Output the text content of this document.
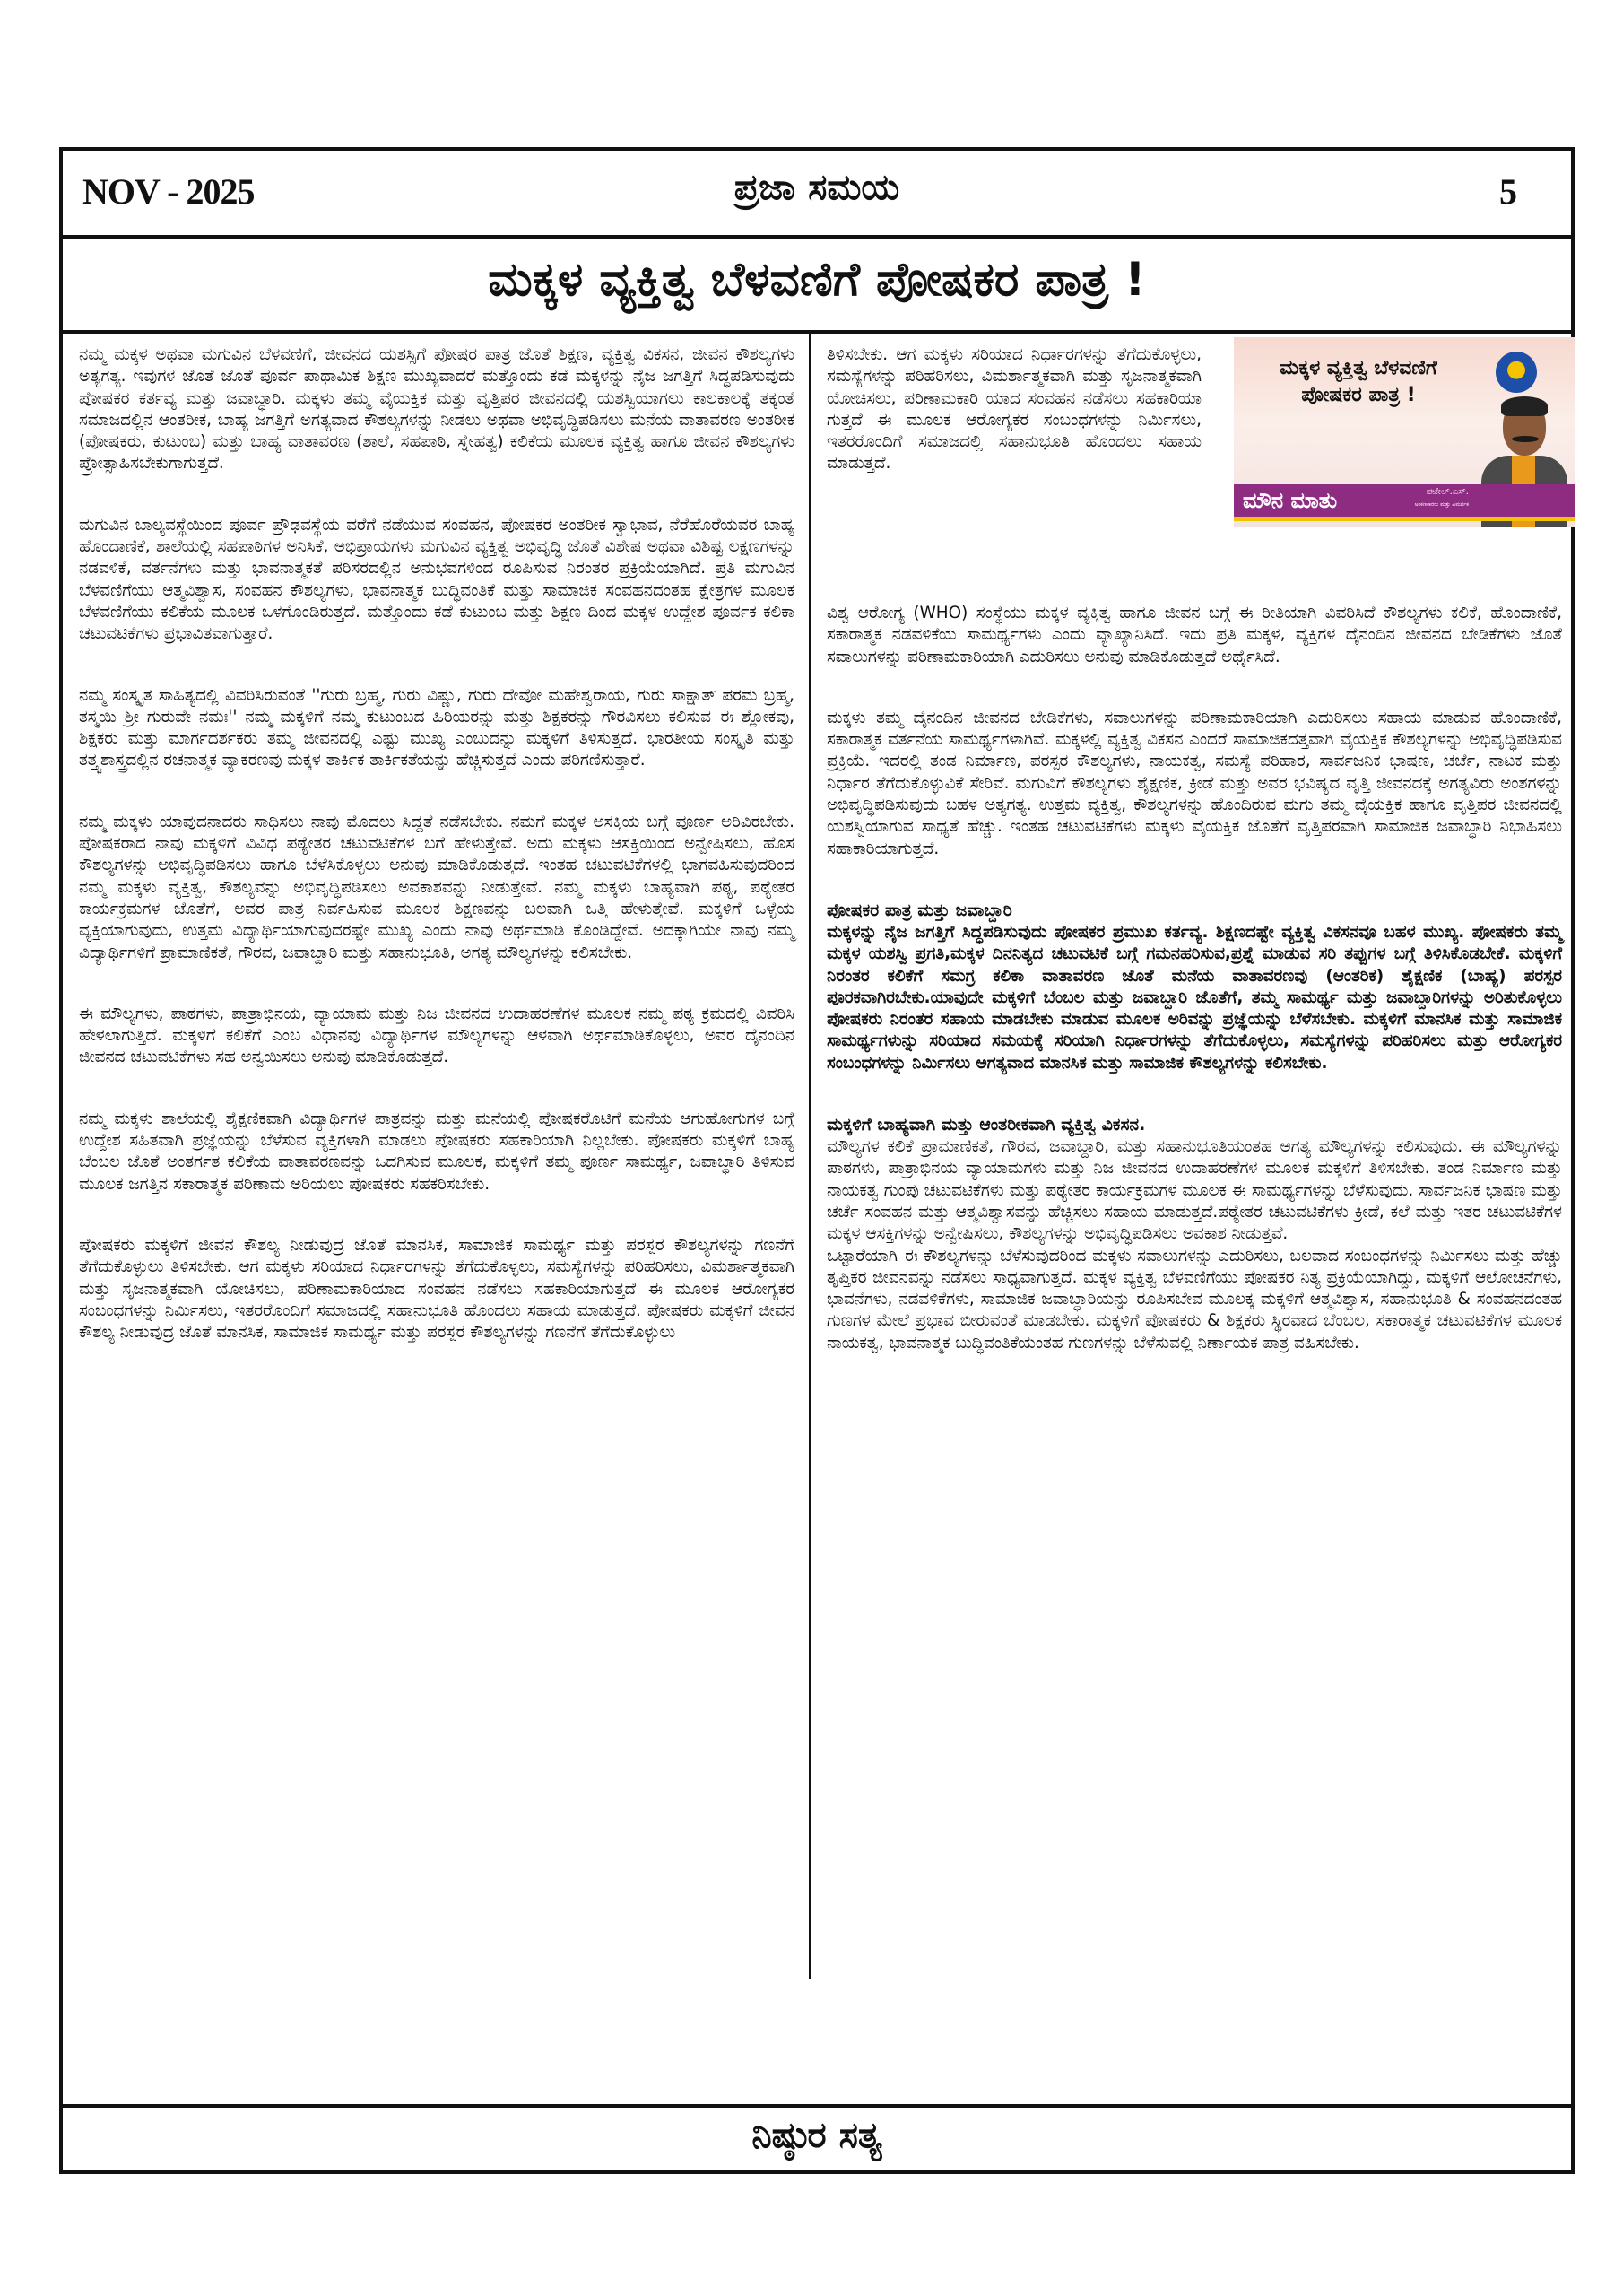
NOV - 2025	ಪ್ರಜಾ ಸಮಯ	5
ಮಕ್ಕಳ ವ್ಯಕ್ತಿತ್ವ ಬೆಳವಣಿಗೆ ಪೋಷಕರ ಪಾತ್ರ !

ನಮ್ಮ ಮಕ್ಕಳ ಅಥವಾ ಮಗುವಿನ ಬೆಳವಣಿಗೆ, ಜೀವನದ ಯಶಸ್ಸಿಗೆ ಪೋಷರ ಪಾತ್ರ ಜೊತೆ ಶಿಕ್ಷಣ, ವ್ಯಕ್ತಿತ್ವ ವಿಕಸನ, ಜೀವನ ಕೌಶಲ್ಯಗಳು ಅತ್ಯಗತ್ಯ. ಇವುಗಳ ಜೊತೆ ಜೊತೆ ಪೂರ್ವ ಪಾಥಾಮಿಕ ಶಿಕ್ಷಣ ಮುಖ್ಯವಾದರೆ ಮತ್ತೊಂದು ಕಡೆ ಮಕ್ಕಳನ್ನು ನೈಜ ಜಗತ್ತಿಗೆ ಸಿದ್ಧಪಡಿಸುವುದು ಪೋಷಕರ ಕರ್ತವ್ಯ ಮತ್ತು ಜವಾಬ್ಧಾರಿ. ಮಕ್ಕಳು ತಮ್ಮ ವೈಯಕ್ತಿಕ ಮತ್ತು ವೃತ್ತಿಪರ ಜೀವನದಲ್ಲಿ ಯಶಸ್ವಿಯಾಗಲು ಕಾಲಕಾಲಕ್ಕೆ ತಕ್ಕಂತೆ ಸಮಾಜದಲ್ಲಿನ ಆಂತರೀಕ, ಬಾಹ್ಯ ಜಗತ್ತಿಗೆ ಅಗತ್ಯವಾದ ಕೌಶಲ್ಯಗಳನ್ನು ನೀಡಲು ಅಥವಾ ಅಭಿವೃದ್ಧಿಪಡಿಸಲು ಮನೆಯ ವಾತಾವರಣ ಅಂತರೀಕ (ಪೋಷಕರು, ಕುಟುಂಬ) ಮತ್ತು ಬಾಹ್ಯ ವಾತಾವರಣ (ಶಾಲೆ, ಸಹಪಾಠಿ, ಸ್ನೇಹತ್ವ) ಕಲಿಕೆಯ ಮೂಲಕ ವ್ಯಕ್ತಿತ್ವ ಹಾಗೂ ಜೀವನ ಕೌಶಲ್ಯಗಳು ಪ್ರೋತ್ಸಾಹಿಸಬೇಕುಗಾಗುತ್ತದೆ.

ಮಗುವಿನ ಬಾಲ್ಯವಸ್ಥೆಯಿಂದ ಪೂರ್ವ ಪ್ರೌಢವಸ್ಥೆಯ ವರೆಗೆ ನಡೆಯುವ ಸಂವಹನ, ಪೋಷಕರ ಅಂತರೀಕ ಸ್ವಾಭಾವ, ನೆರೆಹೊರೆಯವರ ಬಾಹ್ಯ ಹೊಂದಾಣಿಕೆ, ಶಾಲೆಯಲ್ಲಿ ಸಹಪಾಠಿಗಳ ಅನಿಸಿಕೆ, ಅಭಿಪ್ರಾಯಗಳು ಮಗುವಿನ ವ್ಯಕ್ತಿತ್ವ ಅಭಿವೃದ್ಧಿ ಜೊತೆ ವಿಶೇಷ ಅಥವಾ ವಿಶಿಷ್ಟ ಲಕ್ಷಣಗಳನ್ನು ನಡವಳಿಕೆ, ವರ್ತನೆಗಳು ಮತ್ತು ಭಾವನಾತ್ಮಕತೆ ಪರಿಸರದಲ್ಲಿನ ಅನುಭವಗಳಿಂದ ರೂಪಿಸುವ ನಿರಂತರ ಪ್ರಕ್ರಿಯೆಯಾಗಿದೆ. ಪ್ರತಿ ಮಗುವಿನ ಬೆಳವಣಿಗೆಯು ಆತ್ಮವಿಶ್ವಾಸ, ಸಂವಹನ ಕೌಶಲ್ಯಗಳು, ಭಾವನಾತ್ಮಕ ಬುದ್ಧಿವಂತಿಕೆ ಮತ್ತು ಸಾಮಾಜಿಕ ಸಂವಹನದಂತಹ ಕ್ಷೇತ್ರಗಳ ಮೂಲಕ ಬೆಳವಣಿಗೆಯು ಕಲಿಕೆಯ ಮೂಲಕ ಒಳಗೊಂಡಿರುತ್ತದೆ. ಮತ್ತೊಂದು ಕಡೆ ಕುಟುಂಬ ಮತ್ತು ಶಿಕ್ಷಣ ದಿಂದ ಮಕ್ಕಳ ಉದ್ದೇಶ ಪೂರ್ವಕ ಕಲಿಕಾ ಚಟುವಟಿಕೆಗಳು ಪ್ರಭಾವಿತವಾಗುತ್ತಾರೆ.

ನಮ್ಮ ಸಂಸ್ಕೃತ ಸಾಹಿತ್ಯದಲ್ಲಿ ವಿವರಿಸಿರುವಂತೆ ''ಗುರು ಬ್ರಹ್ಮ, ಗುರು ವಿಷ್ಣು, ಗುರು ದೇವೋ ಮಹೇಶ್ವರಾಯ, ಗುರು ಸಾಕ್ಷಾತ್ ಪರಮ ಬ್ರಹ್ಮ, ತಸ್ಮಯಿ ಶ್ರೀ ಗುರುವೇ ನಮಃ'' ನಮ್ಮ ಮಕ್ಕಳಿಗೆ ನಮ್ಮ ಕುಟುಂಬದ ಹಿರಿಯರನ್ನು ಮತ್ತು ಶಿಕ್ಷಕರನ್ನು ಗೌರವಿಸಲು ಕಲಿಸುವ ಈ ಶ್ಲೋಕವು, ಶಿಕ್ಷಕರು ಮತ್ತು ಮಾರ್ಗದರ್ಶಕರು ತಮ್ಮ ಜೀವನದಲ್ಲಿ ಎಷ್ಟು ಮುಖ್ಯ ಎಂಬುದನ್ನು ಮಕ್ಕಳಿಗೆ ತಿಳಿಸುತ್ತದೆ. ಭಾರತೀಯ ಸಂಸ್ಕೃತಿ ಮತ್ತು ತತ್ತ್ವಶಾಸ್ತ್ರದಲ್ಲಿನ ರಚನಾತ್ಮಕ ವ್ಯಾಕರಣವು ಮಕ್ಕಳ ತಾರ್ಕಿಕ ತಾರ್ಕಿಕತೆಯನ್ನು ಹೆಚ್ಚಿಸುತ್ತದೆ ಎಂದು ಪರಿಗಣಿಸುತ್ತಾರೆ.

ನಮ್ಮ ಮಕ್ಕಳು ಯಾವುದನಾದರು ಸಾಧಿಸಲು ನಾವು ಮೊದಲು ಸಿದ್ದತೆ ನಡೆಸಬೇಕು. ನಮಗೆ ಮಕ್ಕಳ ಅಸಕ್ತಿಯ ಬಗ್ಗೆ ಪೂರ್ಣ ಅರಿವಿರಬೇಕು. ಪೋಷಕರಾದ ನಾವು ಮಕ್ಕಳಿಗೆ ವಿವಿಧ ಪಠ್ಯೇತರ ಚಟುವಟಿಕೆಗಳ ಬಗೆ ಹೇಳುತ್ತೇವೆ. ಅದು ಮಕ್ಕಳು ಆಸಕ್ತಿಯಿಂದ ಅನ್ವೇಷಿಸಲು, ಹೊಸ ಕೌಶಲ್ಯಗಳನ್ನು ಅಭಿವೃದ್ಧಿಪಡಿಸಲು ಹಾಗೂ ಬೆಳೆಸಿಕೊಳ್ಳಲು ಅನುವು ಮಾಡಿಕೊಡುತ್ತದೆ. ಇಂತಹ ಚಟುವಟಿಕೆಗಳಲ್ಲಿ ಭಾಗವಹಿಸುವುದರಿಂದ ನಮ್ಮ ಮಕ್ಕಳು ವ್ಯಕ್ತಿತ್ವ, ಕೌಶಲ್ಯವನ್ನು ಅಭಿವೃದ್ಧಿಪಡಿಸಲು ಅವಕಾಶವನ್ನು ನೀಡುತ್ತೇವೆ. ನಮ್ಮ ಮಕ್ಕಳು ಬಾಹ್ಯವಾಗಿ ಪಠ್ಯ, ಪಠ್ಯೇತರ ಕಾರ್ಯಕ್ರಮಗಳ ಜೊತೆಗೆ, ಅವರ ಪಾತ್ರ ನಿರ್ವಹಿಸುವ ಮೂಲಕ ಶಿಕ್ಷಣವನ್ನು ಬಲವಾಗಿ ಒತ್ತಿ ಹೇಳುತ್ತೇವೆ. ಮಕ್ಕಳಿಗೆ ಒಳ್ಳೆಯ ವ್ಯಕ್ತಿಯಾಗುವುದು, ಉತ್ತಮ ವಿದ್ಯಾರ್ಥಿಯಾಗುವುದರಷ್ಟೇ ಮುಖ್ಯ ಎಂದು ನಾವು ಅರ್ಥಮಾಡಿ ಕೊಂಡಿದ್ದೇವೆ. ಅದಕ್ಕಾಗಿಯೇ ನಾವು ನಮ್ಮ ವಿದ್ಯಾರ್ಥಿಗಳಿಗೆ ಪ್ರಾಮಾಣಿಕತೆ, ಗೌರವ, ಜವಾಬ್ದಾರಿ ಮತ್ತು ಸಹಾನುಭೂತಿ, ಅಗತ್ಯ ಮೌಲ್ಯಗಳನ್ನು ಕಲಿಸಬೇಕು.

ಈ ಮೌಲ್ಯಗಳು, ಪಾಠಗಳು, ಪಾತ್ರಾಭಿನಯ, ವ್ಯಾಯಾಮ ಮತ್ತು ನಿಜ ಜೀವನದ ಉದಾಹರಣೆಗಳ ಮೂಲಕ ನಮ್ಮ ಪಠ್ಯ ಕ್ರಮದಲ್ಲಿ ವಿವರಿಸಿ ಹೇಳಲಾಗುತ್ತಿದೆ. ಮಕ್ಕಳಿಗೆ ಕಲಿಕೆಗೆ ಎಂಬ ವಿಧಾನವು ವಿದ್ಯಾರ್ಥಿಗಳ ಮೌಲ್ಯಗಳನ್ನು ಆಳವಾಗಿ ಅರ್ಥಮಾಡಿಕೊಳ್ಳಲು, ಅವರ ದೈನಂದಿನ ಜೀವನದ ಚಟುವಟಿಕೆಗಳು ಸಹ ಅನ್ವಯಿಸಲು ಅನುವು ಮಾಡಿಕೊಡುತ್ತದೆ.

ನಮ್ಮ ಮಕ್ಕಳು ಶಾಲೆಯಲ್ಲಿ ಶೈಕ್ಷಣಿಕವಾಗಿ ವಿದ್ಯಾರ್ಥಿಗಳ ಪಾತ್ರವನ್ನು ಮತ್ತು ಮನೆಯಲ್ಲಿ ಪೋಷಕರೊಟಿಗೆ ಮನೆಯ ಆಗುಹೋಗುಗಳ ಬಗ್ಗೆ ಉದ್ದೇಶ ಸಹಿತವಾಗಿ ಪ್ರಜ್ಞೆಯನ್ನು ಬೆಳೆಸುವ ವ್ಯಕ್ತಿಗಳಾಗಿ ಮಾಡಲು ಪೋಷಕರು ಸಹಕಾರಿಯಾಗಿ ನಿಲ್ಲಬೇಕು. ಪೋಷಕರು ಮಕ್ಕಳಿಗೆ ಬಾಹ್ಯ ಬೆಂಬಲ ಜೊತೆ ಅಂತರ್ಗತ ಕಲಿಕೆಯ ವಾತಾವರಣವನ್ನು ಒದಗಿಸುವ ಮೂಲಕ, ಮಕ್ಕಳಿಗೆ ತಮ್ಮ ಪೂರ್ಣ ಸಾಮರ್ಥ್ಯ, ಜವಾಬ್ಧಾರಿ ತಿಳಿಸುವ ಮೂಲಕ ಜಗತ್ತಿನ ಸಕಾರಾತ್ಮಕ ಪರಿಣಾಮ ಅರಿಯಲು ಪೋಷಕರು ಸಹಕರಿಸಬೇಕು.

ಪೋಷಕರು ಮಕ್ಕಳಿಗೆ ಜೀವನ ಕೌಶಲ್ಯ ನೀಡುವುದ್ರ ಜೊತೆ ಮಾನಸಿಕ, ಸಾಮಾಜಿಕ ಸಾಮರ್ಥ್ಯ ಮತ್ತು ಪರಸ್ಪರ ಕೌಶಲ್ಯಗಳನ್ನು ಗಣನೆಗೆ ತೆಗೆದುಕೊಳ್ಳುಲು ತಿಳಿಸಬೇಕು. ಆಗ ಮಕ್ಕಳು ಸರಿಯಾದ ನಿರ್ಧಾರಗಳನ್ನು ತೆಗೆದುಕೊಳ್ಳಲು, ಸಮಸ್ಯೆಗಳನ್ನು ಪರಿಹರಿಸಲು, ವಿಮರ್ಶಾತ್ಮಕವಾಗಿ ಮತ್ತು ಸೃಜನಾತ್ಮಕವಾಗಿ ಯೋಚಿಸಲು, ಪರಿಣಾಮಕಾರಿಯಾದ ಸಂವಹನ ನಡೆಸಲು ಸಹಕಾರಿಯಾಗುತ್ತದೆ ಈ ಮೂಲಕ ಆರೋಗ್ಯಕರ ಸಂಬಂಧಗಳನ್ನು ನಿರ್ಮಿಸಲು, ಇತರರೊಂದಿಗೆ ಸಮಾಜದಲ್ಲಿ ಸಹಾನುಭೂತಿ ಹೊಂದಲು ಸಹಾಯ ಮಾಡುತ್ತದೆ. ಪೋಷಕರು ಮಕ್ಕಳಿಗೆ ಜೀವನ ಕೌಶಲ್ಯ ನೀಡುವುದ್ರ ಜೊತೆ ಮಾನಸಿಕ, ಸಾಮಾಜಿಕ ಸಾಮರ್ಥ್ಯ ಮತ್ತು ಪರಸ್ಪರ ಕೌಶಲ್ಯಗಳನ್ನು ಗಣನೆಗೆ ತೆಗೆದುಕೊಳ್ಳುಲು

ತಿಳಿಸಬೇಕು. ಆಗ ಮಕ್ಕಳು ಸರಿಯಾದ ನಿರ್ಧಾರಗಳನ್ನು ತೆಗೆದುಕೊಳ್ಳಲು, ಸಮಸ್ಯೆಗಳನ್ನು ಪರಿಹರಿಸಲು, ವಿಮರ್ಶಾತ್ಮಕವಾಗಿ ಮತ್ತು ಸೃಜನಾತ್ಮಕವಾಗಿ ಯೋಚಿಸಲು, ಪರಿಣಾಮಕಾರಿ ಯಾದ ಸಂವಹನ ನಡೆಸಲು ಸಹಕಾರಿಯಾ ಗುತ್ತದೆ ಈ ಮೂಲಕ ಆರೋಗ್ಯಕರ ಸಂಬಂಧಗಳನ್ನು ನಿರ್ಮಿಸಲು, ಇತರರೊಂದಿಗೆ ಸಮಾಜದಲ್ಲಿ ಸಹಾನುಭೂತಿ ಹೊಂದಲು ಸಹಾಯ ಮಾಡುತ್ತದೆ.

ಮಕ್ಕಳ ವ್ಯಕ್ತಿತ್ವ ಬೆಳವಣಿಗೆ
ಪೋಷಕರ ಪಾತ್ರ !
ಮೌನ ಮಾತು	ಪಟೇಲ್.ಎಸ್.
ಅಂಕಣಕಾರರು ಮತ್ತು ವಿಮರ್ಶಕ

ವಿಶ್ವ ಆರೋಗ್ಯ (WHO) ಸಂಸ್ಥೆಯು ಮಕ್ಕಳ ವ್ಯಕ್ತಿತ್ವ ಹಾಗೂ ಜೀವನ ಬಗ್ಗೆ ಈ ರೀತಿಯಾಗಿ ವಿವರಿಸಿದೆ ಕೌಶಲ್ಯಗಳು ಕಲಿಕೆ, ಹೊಂದಾಣಿಕೆ, ಸಕಾರಾತ್ಮಕ ನಡವಳಿಕೆಯ ಸಾಮರ್ಥ್ಯಗಳು ಎಂದು ವ್ಯಾಖ್ಯಾನಿಸಿದೆ. ಇದು ಪ್ರತಿ ಮಕ್ಕಳ, ವ್ಯಕ್ತಿಗಳ ದೈನಂದಿನ ಜೀವನದ ಬೇಡಿಕೆಗಳು ಜೊತೆ ಸವಾಲುಗಳನ್ನು ಪರಿಣಾಮಕಾರಿಯಾಗಿ ಎದುರಿಸಲು ಅನುವು ಮಾಡಿಕೊಡುತ್ತದೆ ಅರ್ಥೈಸಿದೆ.

ಮಕ್ಕಳು ತಮ್ಮ ದೈನಂದಿನ ಜೀವನದ ಬೇಡಿಕೆಗಳು, ಸವಾಲುಗಳನ್ನು ಪರಿಣಾಮಕಾರಿಯಾಗಿ ಎದುರಿಸಲು ಸಹಾಯ ಮಾಡುವ ಹೊಂದಾಣಿಕೆ, ಸಕಾರಾತ್ಮಕ ವರ್ತನೆಯ ಸಾಮರ್ಥ್ಯಗಳಾಗಿವೆ. ಮಕ್ಕಳಲ್ಲಿ ವ್ಯಕ್ತಿತ್ವ ವಿಕಸನ ಎಂದರೆ ಸಾಮಾಜಿಕದತ್ತವಾಗಿ ವೈಯಕ್ತಿಕ ಕೌಶಲ್ಯಗಳನ್ನು ಅಭಿವೃದ್ಧಿಪಡಿಸುವ ಪ್ರಕ್ರಿಯೆ. ಇದರಲ್ಲಿ ತಂಡ ನಿರ್ಮಾಣ, ಪರಸ್ಪರ ಕೌಶಲ್ಯಗಳು, ನಾಯಕತ್ವ, ಸಮಸ್ಯೆ ಪರಿಹಾರ, ಸಾರ್ವಜನಿಕ ಭಾಷಣ, ಚರ್ಚೆ, ನಾಟಕ ಮತ್ತು ನಿರ್ಧಾರ ತೆಗೆದುಕೊಳ್ಳುವಿಕೆ ಸೇರಿವೆ. ಮಗುವಿಗೆ ಕೌಶಲ್ಯಗಳು ಶೈಕ್ಷಣಿಕ, ಕ್ರೀಡೆ ಮತ್ತು ಅವರ ಭವಿಷ್ಯದ ವೃತ್ತಿ ಜೀವನದಕ್ಕೆ ಅಗತ್ಯವಿರು ಅಂಶಗಳನ್ನು ಅಭಿವೃದ್ಧಿಪಡಿಸುವುದು ಬಹಳ ಅತ್ಯಗತ್ಯ. ಉತ್ತಮ ವ್ಯಕ್ತಿತ್ವ, ಕೌಶಲ್ಯಗಳನ್ನು ಹೊಂದಿರುವ ಮಗು ತಮ್ಮ ವೈಯಕ್ತಿಕ ಹಾಗೂ ವೃತ್ತಿಪರ ಜೀವನದಲ್ಲಿ ಯಶಸ್ವಿಯಾಗುವ ಸಾಧ್ಯತೆ ಹೆಚ್ಚು. ಇಂತಹ ಚಟುವಟಿಕೆಗಳು ಮಕ್ಕಳು ವೈಯಕ್ತಿಕ ಜೊತೆಗೆ ವೃತ್ತಿಪರವಾಗಿ ಸಾಮಾಜಿಕ ಜವಾಬ್ಧಾರಿ ನಿಭಾಹಿಸಲು ಸಹಾಕಾರಿಯಾಗುತ್ತದೆ.

ಪೋಷಕರ ಪಾತ್ರ ಮತ್ತು ಜವಾಬ್ದಾರಿ

ಮಕ್ಕಳನ್ನು ನೈಜ ಜಗತ್ತಿಗೆ ಸಿದ್ಧಪಡಿಸುವುದು ಪೋಷಕರ ಪ್ರಮುಖ ಕರ್ತವ್ಯ. ಶಿಕ್ಷಣದಷ್ಟೇ ವ್ಯಕ್ತಿತ್ವ ವಿಕಸನವೂ ಬಹಳ ಮುಖ್ಯ. ಪೋಷಕರು ತಮ್ಮ ಮಕ್ಕಳ ಯಶಸ್ವಿ ಪ್ರಗತಿ,ಮಕ್ಕಳ ದಿನನಿತ್ಯದ ಚಟುವಟಿಕೆ ಬಗ್ಗೆ ಗಮನಹರಿಸುವ,ಪ್ರಶ್ನೆ ಮಾಡುವ ಸರಿ ತಪ್ಪುಗಳ ಬಗ್ಗೆ ತಿಳಿಸಿಕೊಡಬೇಕೆ. ಮಕ್ಕಳಿಗೆ ನಿರಂತರ ಕಲಿಕೆಗೆ ಸಮಗ್ರ ಕಲಿಕಾ ವಾತಾವರಣ ಜೊತೆ ಮನೆಯ ವಾತಾವರಣವು (ಆಂತರಿಕ) ಶೈಕ್ಷಣಿಕ (ಬಾಹ್ಯ) ಪರಸ್ಪರ ಪೂರಕವಾಗಿರಬೇಕು.ಯಾವುದೇ ಮಕ್ಕಳಿಗೆ ಬೆಂಬಲ ಮತ್ತು ಜವಾಬ್ದಾರಿ ಜೊತೆಗೆ, ತಮ್ಮ ಸಾಮರ್ಥ್ಯ ಮತ್ತು ಜವಾಬ್ದಾರಿಗಳನ್ನು ಅರಿತುಕೊಳ್ಳಲು ಪೋಷಕರು ನಿರಂತರ ಸಹಾಯ ಮಾಡಬೇಕು ಮಾಡುವ ಮೂಲಕ ಅರಿವನ್ನು ಪ್ರಜ್ಞೆಯನ್ನು ಬೆಳೆಸಬೇಕು. ಮಕ್ಕಳಿಗೆ ಮಾನಸಿಕ ಮತ್ತು ಸಾಮಾಜಿಕ ಸಾಮರ್ಥ್ಯಗಳುನ್ನು ಸರಿಯಾದ ಸಮಯಕ್ಕೆ ಸರಿಯಾಗಿ ನಿರ್ಧಾರಗಳನ್ನು ತೆಗೆದುಕೊಳ್ಳಲು, ಸಮಸ್ಯೆಗಳನ್ನು ಪರಿಹರಿಸಲು ಮತ್ತು ಆರೋಗ್ಯಕರ ಸಂಬಂಧಗಳನ್ನು ನಿರ್ಮಿಸಲು ಅಗತ್ಯವಾದ ಮಾನಸಿಕ ಮತ್ತು ಸಾಮಾಜಿಕ ಕೌಶಲ್ಯಗಳನ್ನು ಕಲಿಸಬೇಕು.

ಮಕ್ಕಳಿಗೆ ಬಾಹ್ಯವಾಗಿ ಮತ್ತು ಆಂತರೀಕವಾಗಿ ವ್ಯಕ್ತಿತ್ವ ವಿಕಸನ.

ಮೌಲ್ಯಗಳ ಕಲಿಕೆ ಪ್ರಾಮಾಣಿಕತೆ, ಗೌರವ, ಜವಾಬ್ದಾರಿ, ಮತ್ತು ಸಹಾನುಭೂತಿಯಂತಹ ಅಗತ್ಯ ಮೌಲ್ಯಗಳನ್ನು ಕಲಿಸುವುದು. ಈ ಮೌಲ್ಯಗಳನ್ನು ಪಾಠಗಳು, ಪಾತ್ರಾಭಿನಯ ವ್ಯಾಯಾಮಗಳು ಮತ್ತು ನಿಜ ಜೀವನದ ಉದಾಹರಣೆಗಳ ಮೂಲಕ ಮಕ್ಕಳಿಗೆ ತಿಳಿಸಬೇಕು. ತಂಡ ನಿರ್ಮಾಣ ಮತ್ತು ನಾಯಕತ್ವ ಗುಂಪು ಚಟುವಟಿಕೆಗಳು ಮತ್ತು ಪಠ್ಯೇತರ ಕಾರ್ಯಕ್ರಮಗಳ ಮೂಲಕ ಈ ಸಾಮರ್ಥ್ಯಗಳನ್ನು ಬೆಳೆಸುವುದು. ಸಾರ್ವಜನಿಕ ಭಾಷಣ ಮತ್ತು ಚರ್ಚೆ ಸಂವಹನ ಮತ್ತು ಆತ್ಮವಿಶ್ವಾಸವನ್ನು ಹೆಚ್ಚಿಸಲು ಸಹಾಯ ಮಾಡುತ್ತದೆ.ಪಠ್ಯೇತರ ಚಟುವಟಿಕೆಗಳು ಕ್ರೀಡೆ, ಕಲೆ ಮತ್ತು ಇತರ ಚಟುವಟಿಕೆಗಳ ಮಕ್ಕಳ ಆಸಕ್ತಿಗಳನ್ನು ಅನ್ವೇಷಿಸಲು, ಕೌಶಲ್ಯಗಳನ್ನು ಅಭಿವೃದ್ಧಿಪಡಿಸಲು ಅವಕಾಶ ನೀಡುತ್ತವೆ.

ಒಟ್ಟಾರೆಯಾಗಿ ಈ ಕೌಶಲ್ಯಗಳನ್ನು ಬೆಳೆಸುವುದರಿಂದ ಮಕ್ಕಳು ಸವಾಲುಗಳನ್ನು ಎದುರಿಸಲು, ಬಲವಾದ ಸಂಬಂಧಗಳನ್ನು ನಿರ್ಮಿಸಲು ಮತ್ತು ಹೆಚ್ಚು ತೃಪ್ತಿಕರ ಜೀವನವನ್ನು ನಡೆಸಲು ಸಾಧ್ಯವಾಗುತ್ತದೆ. ಮಕ್ಕಳ ವ್ಯಕ್ತಿತ್ವ ಬೆಳವಣಿಗೆಯು ಪೋಷಕರ ನಿತ್ಯ ಪ್ರಕ್ರಿಯೆಯಾಗಿದ್ದು, ಮಕ್ಕಳಿಗೆ ಆಲೋಚನೆಗಳು, ಭಾವನೆಗಳು, ನಡವಳಿಕೆಗಳು, ಸಾಮಾಜಿಕ ಜವಾಬ್ಧಾರಿಯನ್ನು ರೂಪಿಸಬೇವ ಮೂಲಕ್ಕ ಮಕ್ಕಳಿಗೆ ಆತ್ಮವಿಶ್ವಾಸ, ಸಹಾನುಭೂತಿ & ಸಂವಹನದಂತಹ ಗುಣಗಳ ಮೇಲೆ ಪ್ರಭಾವ ಬೀರುವಂತೆ ಮಾಡಬೇಕು. ಮಕ್ಕಳಿಗೆ ಪೋಷಕರು & ಶಿಕ್ಷಕರು ಸ್ಥಿರವಾದ ಬೆಂಬಲ, ಸಕಾರಾತ್ಮಕ ಚಟುವಟಿಕೆಗಳ ಮೂಲಕ ನಾಯಕತ್ವ, ಭಾವನಾತ್ಮಕ ಬುದ್ಧಿವಂತಿಕೆಯಂತಹ ಗುಣಗಳನ್ನು ಬೆಳೆಸುವಲ್ಲಿ ನಿರ್ಣಾಯಕ ಪಾತ್ರ ವಹಿಸಬೇಕು.

ನಿಷ್ಠುರ ಸತ್ಯ
